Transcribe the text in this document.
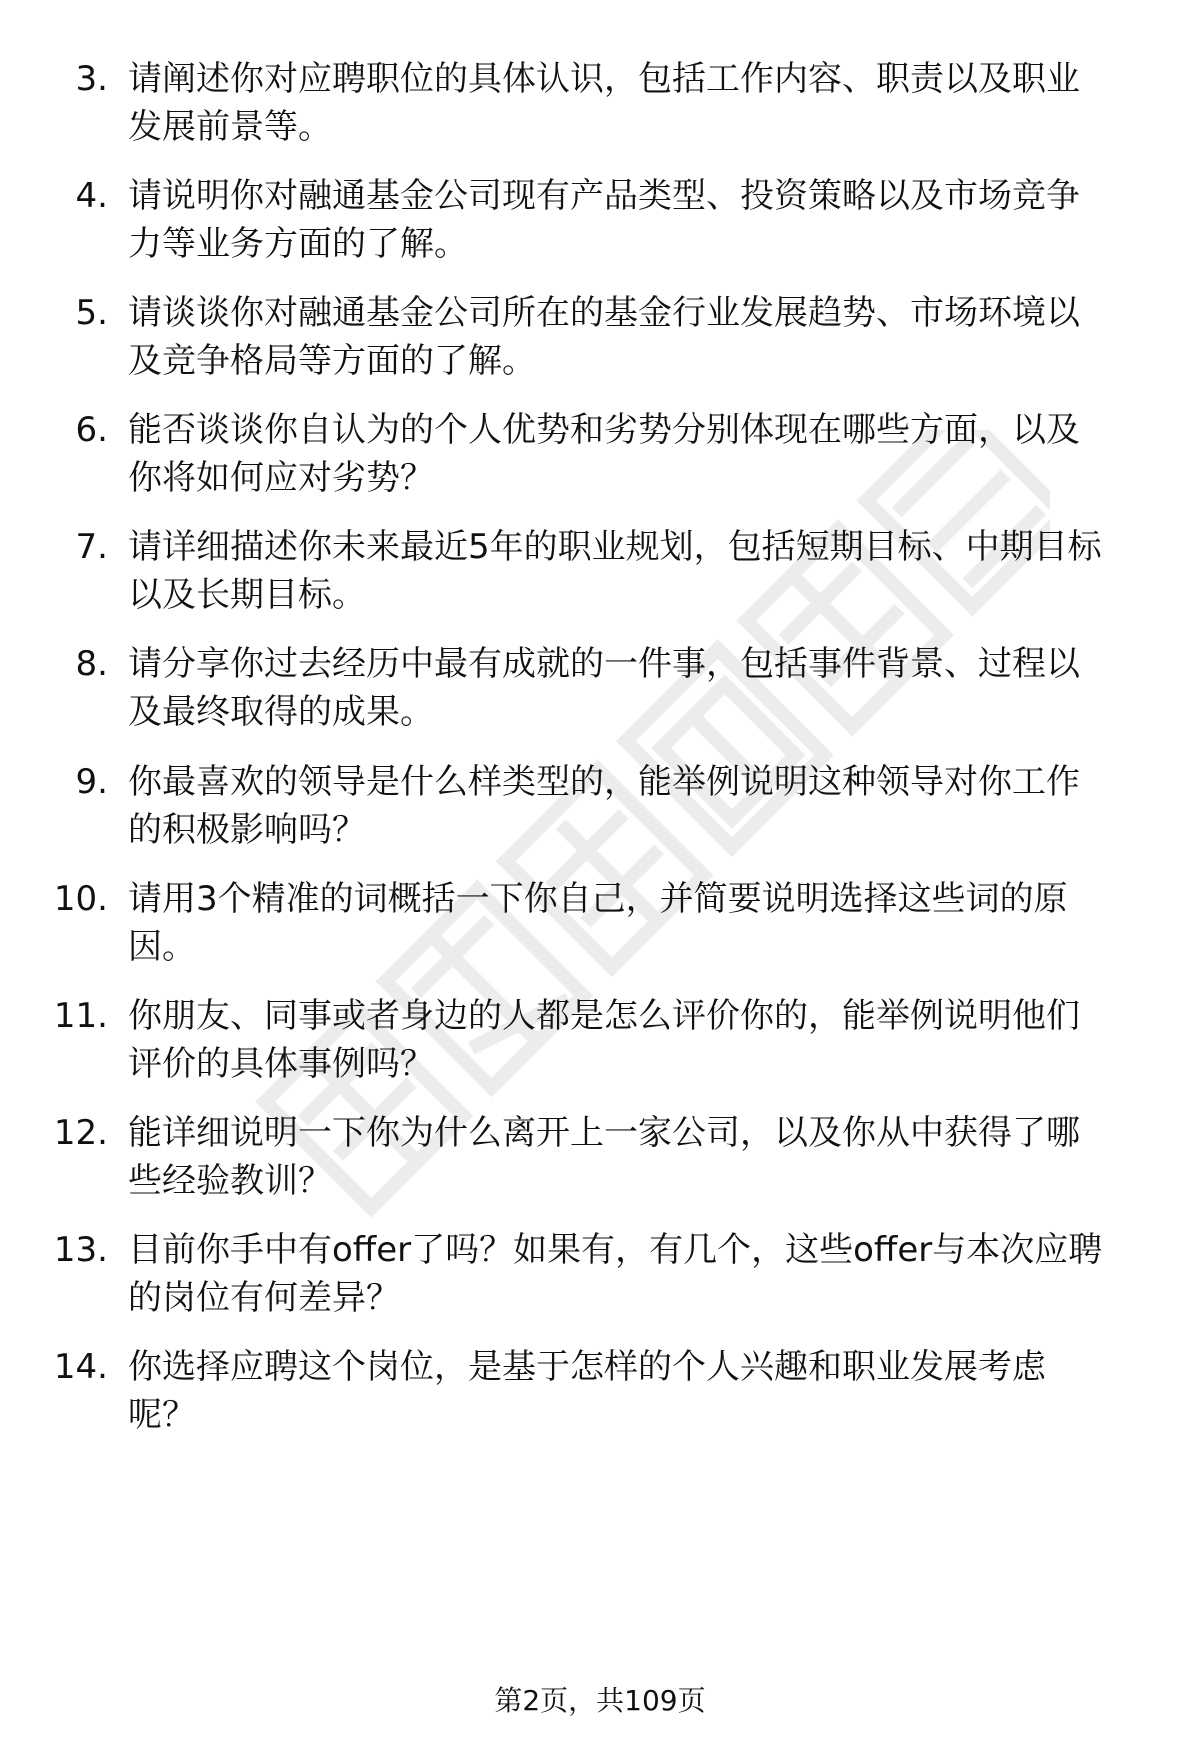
3. 请阐述你对应聘职位的具体认识，包括工作内容、职责以及职业
发展前景等。
4. 请说明你对融通基金公司现有产品类型、投资策略以及市场竞争
力等业务方面的了解。
5. 请谈谈你对融通基金公司所在的基金行业发展趋势、市场环境以
及竞争格局等方面的了解。
6. 能否谈谈你自认为的个人优势和劣势分别体现在哪些方面，以及
你将如何应对劣势？
7. 请详细描述你未来最近5年的职业规划，包括短期目标、中期目标
以及长期目标。
8. 请分享你过去经历中最有成就的一件事，包括事件背景、过程以
及最终取得的成果。
9. 你最喜欢的领导是什么样类型的，能举例说明这种领导对你工作
的积极影响吗？
10. 请用3个精准的词概括一下你自己，并简要说明选择这些词的原
因。
11. 你朋友、同事或者身边的人都是怎么评价你的，能举例说明他们
评价的具体事例吗？
12. 能详细说明一下你为什么离开上一家公司，以及你从中获得了哪
些经验教训？
13. 目前你手中有offer了吗？如果有，有几个，这些offer与本次应聘
的岗位有何差异？
14. 你选择应聘这个岗位，是基于怎样的个人兴趣和职业发展考虑
呢？
第2页，共109页
